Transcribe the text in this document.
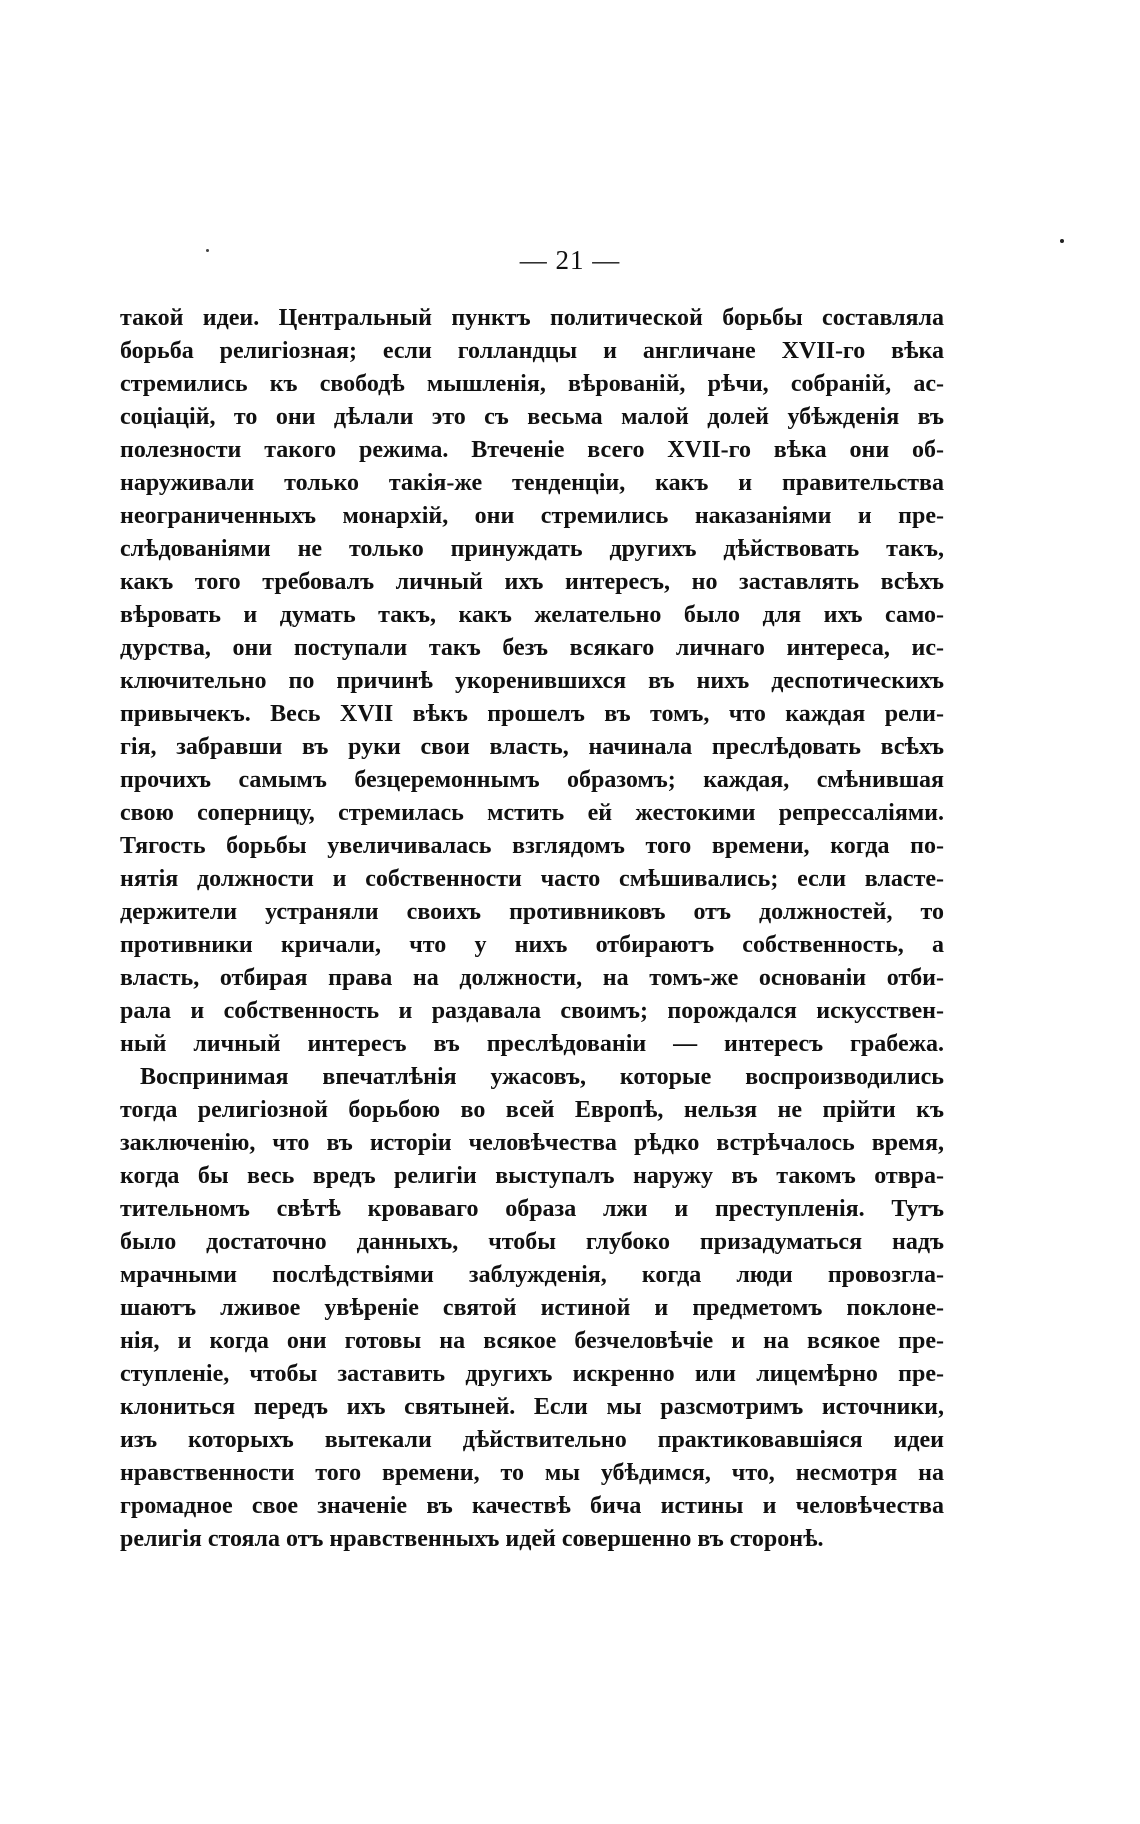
— 21 —
такой идеи. Центральный пунктъ политической борьбы составляла
борьба религіозная; если голландцы и англичане XVII-го вѣка
стремились къ свободѣ мышленія, вѣрованій, рѣчи, собраній, ас-
соціацій, то они дѣлали это съ весьма малой долей убѣжденія въ
полезности такого режима. Втеченіе всего XVII-го вѣка они об-
наруживали только такія-же тенденціи, какъ и правительства
неограниченныхъ монархій, они стремились наказаніями и пре-
слѣдованіями не только принуждать другихъ дѣйствовать такъ,
какъ того требовалъ личный ихъ интересъ, но заставлять всѣхъ
вѣровать и думать такъ, какъ желательно было для ихъ само-
дурства, они поступали такъ безъ всякаго личнаго интереса, ис-
ключительно по причинѣ укоренившихся въ нихъ деспотическихъ
привычекъ. Весь XVII вѣкъ прошелъ въ томъ, что каждая рели-
гія, забравши въ руки свои власть, начинала преслѣдовать всѣхъ
прочихъ самымъ безцеремоннымъ образомъ; каждая, смѣнившая
свою соперницу, стремилась мстить ей жестокими репрессаліями.
Тягость борьбы увеличивалась взглядомъ того времени, когда по-
нятія должности и собственности часто смѣшивались; если власте-
держители устраняли своихъ противниковъ отъ должностей, то
противники кричали, что у нихъ отбираютъ собственность, а
власть, отбирая права на должности, на томъ-же основаніи отби-
рала и собственность и раздавала своимъ; порождался искусствен-
ный личный интересъ въ преслѣдованіи — интересъ грабежа.
Воспринимая впечатлѣнія ужасовъ, которые воспроизводились
тогда религіозной борьбою во всей Европѣ, нельзя не прійти къ
заключенію, что въ исторіи человѣчества рѣдко встрѣчалось время,
когда бы весь вредъ религіи выступалъ наружу въ такомъ отвра-
тительномъ свѣтѣ кроваваго образа лжи и преступленія. Тутъ
было достаточно данныхъ, чтобы глубоко призадуматься надъ
мрачными послѣдствіями заблужденія, когда люди провозгла-
шаютъ лживое увѣреніе святой истиной и предметомъ поклоне-
нія, и когда они готовы на всякое безчеловѣчіе и на всякое пре-
ступленіе, чтобы заставить другихъ искренно или лицемѣрно пре-
клониться передъ ихъ святыней. Если мы разсмотримъ источники,
изъ которыхъ вытекали дѣйствительно практиковавшіяся идеи
нравственности того времени, то мы убѣдимся, что, несмотря на
громадное свое значеніе въ качествѣ бича истины и человѣчества
религія стояла отъ нравственныхъ идей совершенно въ сторонѣ.
